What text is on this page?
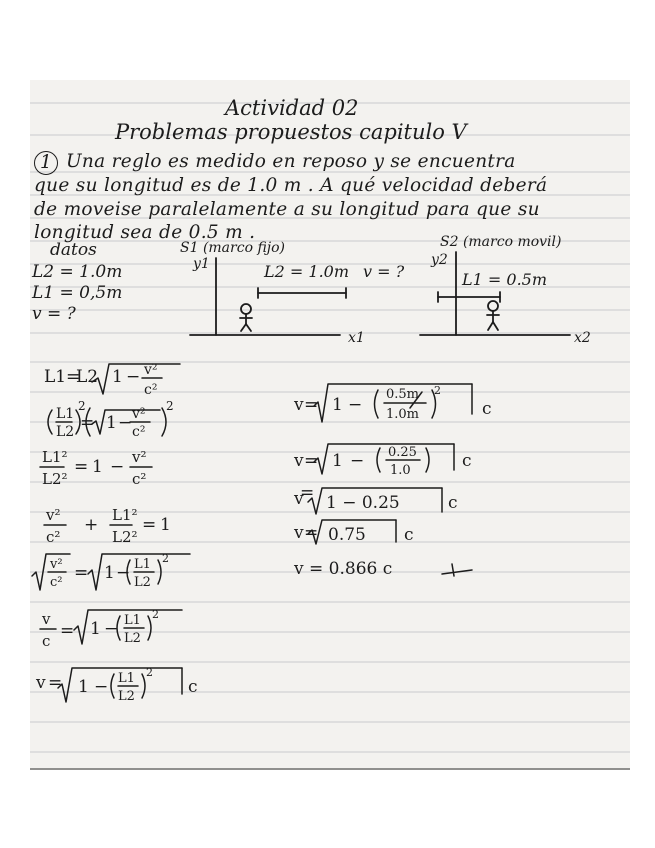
Actividad 02
Problemas propuestos capitulo V
1 Una reglo es medido en reposo y se encuentra
que su longitud es de 1.0 m . A qué velocidad deberá
de moveise paralelamente a su longitud para que su
longitud sea de 0.5 m .
datos
L2 = 1.0m
L1 = 0,5m
v = ?
S1 (marco fijo)
y1
x1
L2 = 1.0m v = ?
S2 (marco movil)
y2
x2
L1 = 0.5m
L1 =
L2 1 − v²
c²
L1
L2
2
= 1 − v²
c²
2
L1²
L2²
= 1 − v²
c²
v²
c²
+ L1²
L2²
= 1
v²
c² = 1 − L1
L2
2
v
c = 1 − L1
L2
2
v = 1 − L1
L2
2
c
v = 1 −
0.5m
1.0m
2
c
v = 1 − 0.25
1.0	c
v
= 1 − 0.25	c
v = 0.75 c
v = 0.866 c
